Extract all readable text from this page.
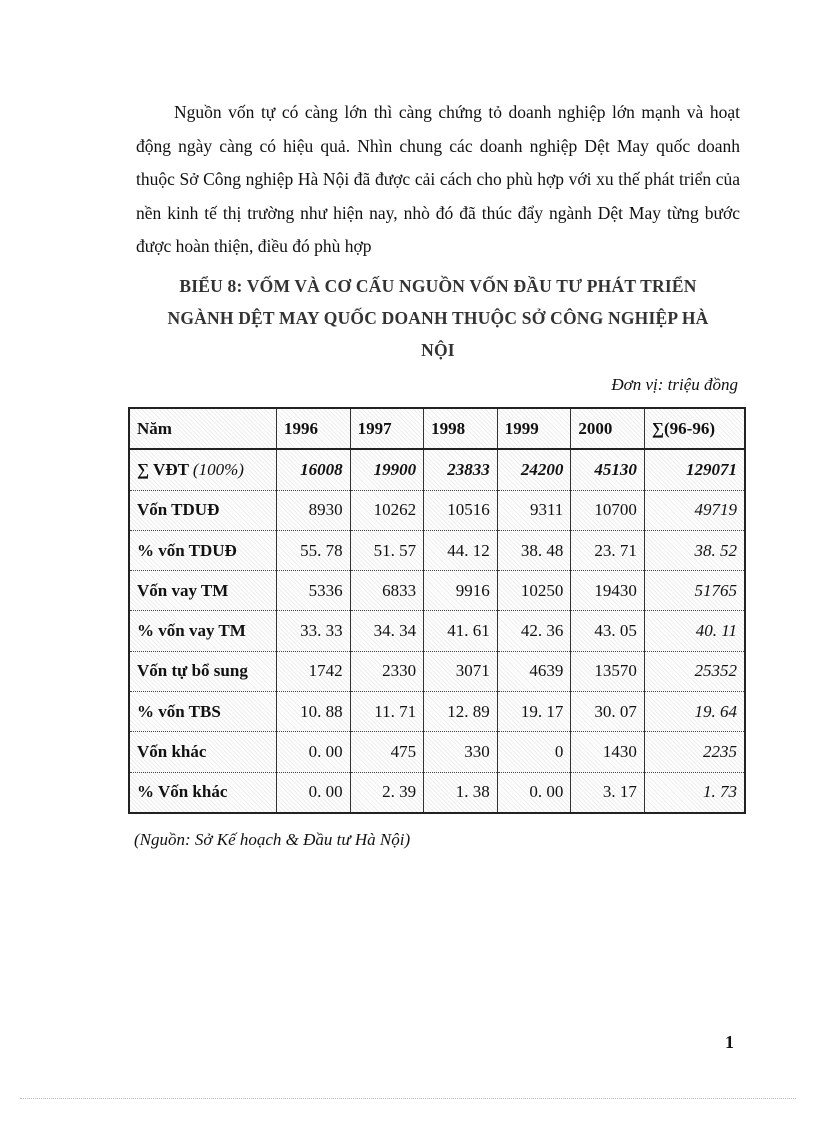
Nguồn vốn tự có càng lớn thì càng chứng tỏ doanh nghiệp lớn mạnh và hoạt động ngày càng có hiệu quả. Nhìn chung các doanh nghiệp Dệt May quốc doanh thuộc Sở Công nghiệp Hà Nội đã được cải cách cho phù hợp với xu thế phát triển của nền kinh tế thị trường như hiện nay, nhò đó đã thúc đẩy ngành Dệt May từng bước được hoàn thiện, điều đó phù hợp

BIỂU 8: VỐM VÀ CƠ CẤU NGUỒN VỐN ĐẦU TƯ PHÁT TRIỂN
NGÀNH DỆT MAY QUỐC DOANH THUỘC SỞ CÔNG NGHIỆP HÀ
NỘI
Đơn vị: triệu đồng
Năm	1996	1997	1998	1999	2000	∑(96-96)
∑ VĐT (100%)	16008	19900	23833	24200	45130	129071
Vốn TDUĐ	8930	10262	10516	9311	10700	49719
% vốn TDUĐ	55. 78	51. 57	44. 12	38. 48	23. 71	38. 52
Vốn vay TM	5336	6833	9916	10250	19430	51765
% vốn vay TM	33. 33	34. 34	41. 61	42. 36	43. 05	40. 11
Vốn tự bổ sung	1742	2330	3071	4639	13570	25352
% vốn TBS	10. 88	11. 71	12. 89	19. 17	30. 07	19. 64
Vốn khác	0. 00	475	330	0	1430	2235
% Vốn khác	0. 00	2. 39	1. 38	0. 00	3. 17	1. 73
(Nguồn: Sở Kế hoạch & Đầu tư Hà Nội)
1
